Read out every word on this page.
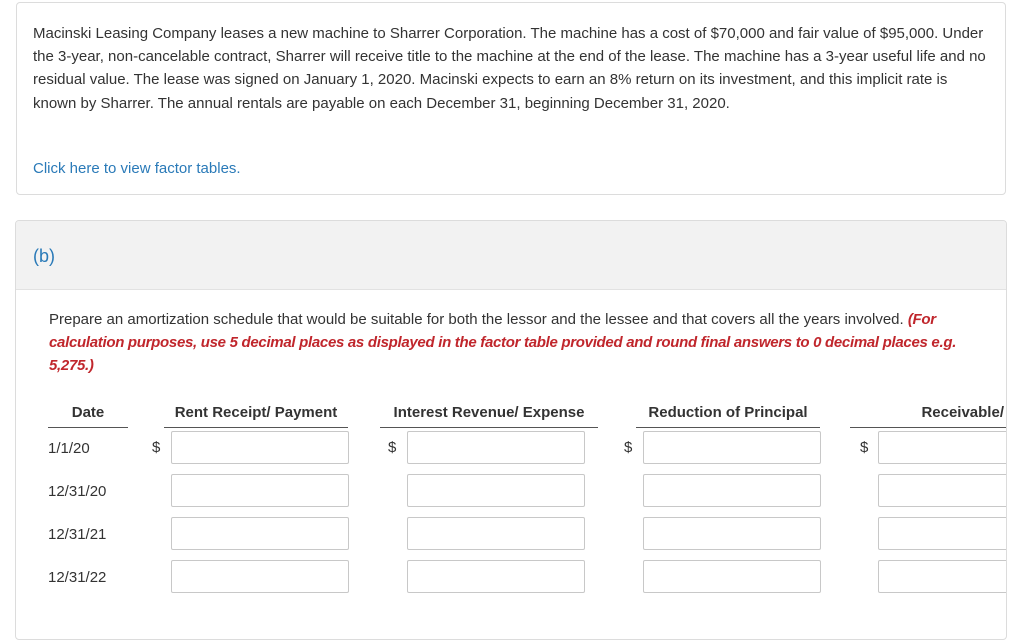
Macinski Leasing Company leases a new machine to Sharrer Corporation. The machine has a cost of $70,000 and fair value of $95,000. Under the 3-year, non-cancelable contract, Sharrer will receive title to the machine at the end of the lease. The machine has a 3-year useful life and no residual value. The lease was signed on January 1, 2020. Macinski expects to earn an 8% return on its investment, and this implicit rate is known by Sharrer. The annual rentals are payable on each December 31, beginning December 31, 2020.
Click here to view factor tables.
(b)
Prepare an amortization schedule that would be suitable for both the lessor and the lessee and that covers all the years involved. (For calculation purposes, use 5 decimal places as displayed in the factor table provided and round final answers to 0 decimal places e.g. 5,275.)
Date	Rent Receipt/ Payment	Interest Revenue/ Expense	Reduction of Principal	Receivable/
1/1/20	$	$	$	$
12/31/20
12/31/21
12/31/22
